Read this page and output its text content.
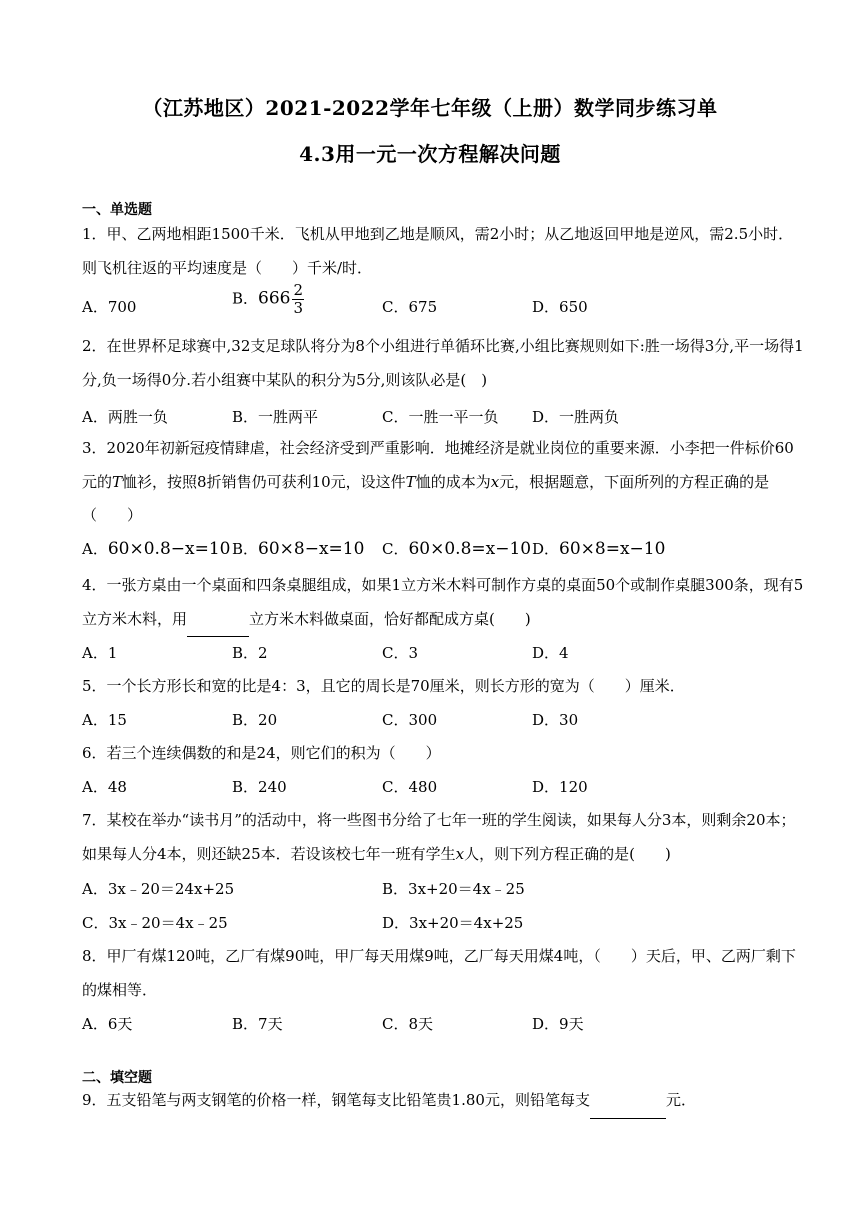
（江苏地区）2021-2022学年七年级（上册）数学同步练习单
4.3用一元一次方程解决问题
一、单选题
1．甲、乙两地相距1500千米．飞机从甲地到乙地是顺风，需2小时；从乙地返回甲地是逆风，需2.5小时．则飞机往返的平均速度是（　　）千米/时．
A．700	B．$666 \frac{2}{3}$	C．675	D．650
2．在世界杯足球赛中,32支足球队将分为8个小组进行单循环比赛,小组比赛规则如下:胜一场得3分,平一场得1分,负一场得0分.若小组赛中某队的积分为5分,则该队必是(　)
A．两胜一负	B．一胜两平	C．一胜一平一负 D．一胜两负
3．2020年初新冠疫情肆虐，社会经济受到严重影响．地摊经济是就业岗位的重要来源．小李把一件标价60元的T恤衫，按照8折销售仍可获利10元，设这件T恤的成本为x元，根据题意，下面所列的方程正确的是（　　）
A．60×0.8−x=10 B．60×8−x=10 C．60×0.8=x−10 D．60×8=x−10
4．一张方桌由一个桌面和四条桌腿组成，如果1立方米木料可制作方桌的桌面50个或制作桌腿300条，现有5立方米木料，用	立方米木料做桌面，恰好都配成方桌(　　)
A．1	B．2	C．3	D．4
5．一个长方形长和宽的比是4：3，且它的周长是70厘米，则长方形的宽为（　　）厘米．
A．15	B．20	C．300	D．30
6．若三个连续偶数的和是24，则它们的积为（　　）
A．48	B．240	C．480	D．120
7．某校在举办“读书月”的活动中，将一些图书分给了七年一班的学生阅读，如果每人分3本，则剩余20本；如果每人分4本，则还缺25本．若设该校七年一班有学生x人，则下列方程正确的是(　　)
A．3x﹣20＝24x+25	B．3x+20＝4x﹣25
C．3x﹣20＝4x﹣25	D．3x+20＝4x+25
8．甲厂有煤120吨，乙厂有煤90吨，甲厂每天用煤9吨，乙厂每天用煤4吨，（　　）天后，甲、乙两厂剩下的煤相等．
A．6天	B．7天	C．8天	D．9天
二、填空题
9．五支铅笔与两支钢笔的价格一样，钢笔每支比铅笔贵1.80元，则铅笔每支	元．
